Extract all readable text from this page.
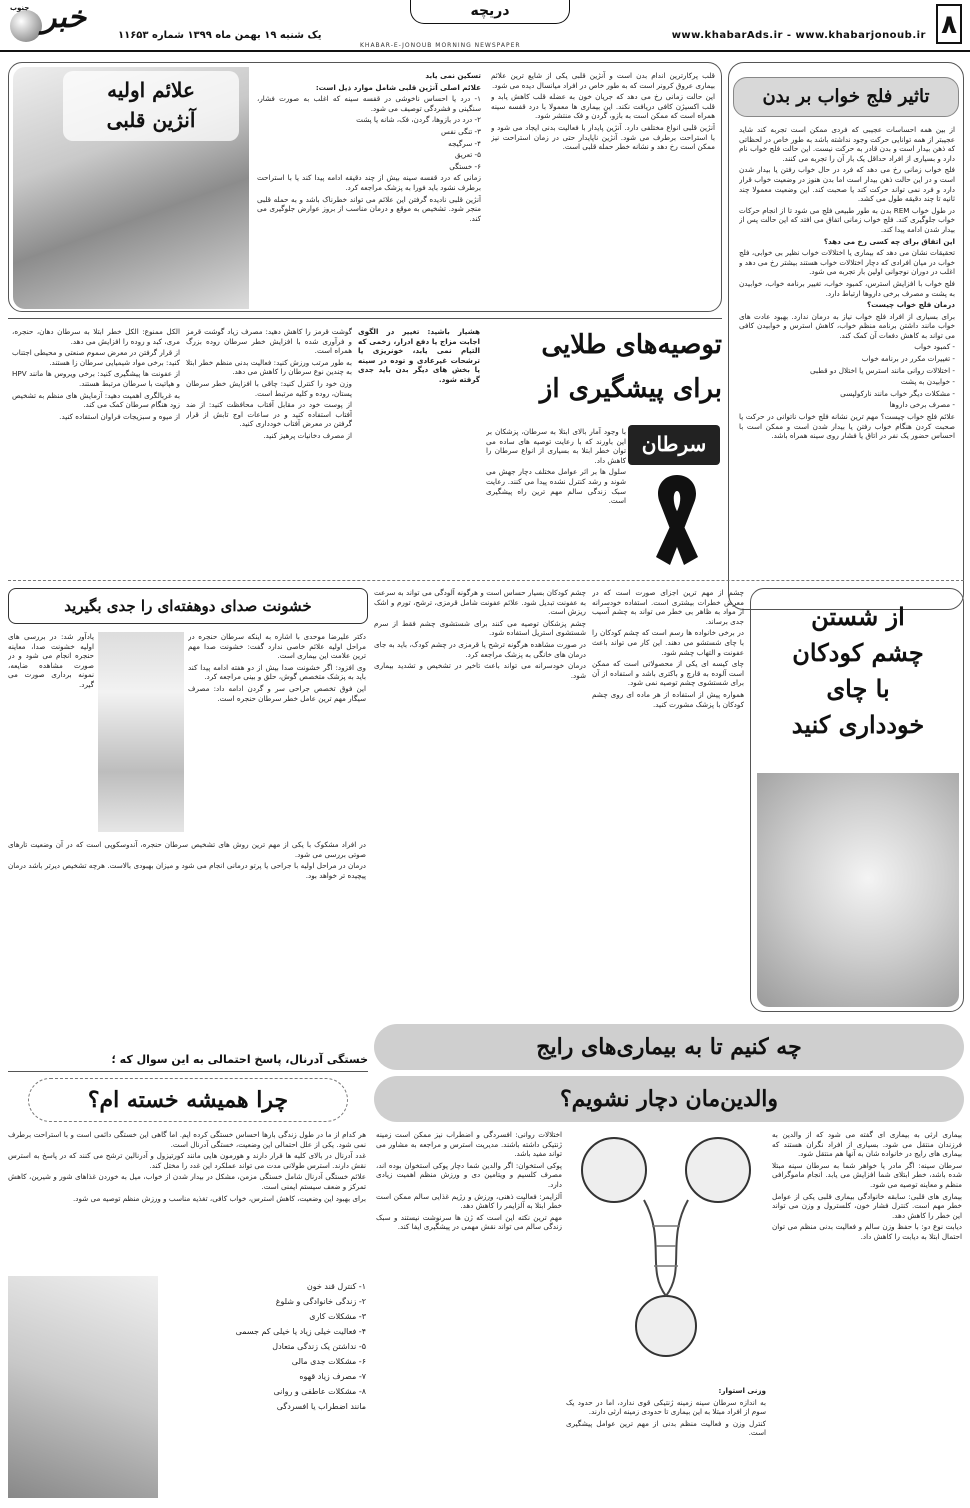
۸
www.khabarAds.ir - www.khabarjonoub.ir
دریچه
یک شنبه ۱۹ بهمن ماه ۱۳۹۹ شماره ۱۱۶۵۳
خبر
جنوب
KHABAR-E-JONOUB MORNING NEWSPAPER
تاثیر فلج خواب بر بدن

از بین همه احساسات عجیبی که فردی ممکن است تجربه کند شاید عجیبتر از همه توانایی حرکت وجود نداشته باشد به طور خاص در لحظاتی که ذهن بیدار است و بدن قادر به حرکت نیست. این حالت فلج خواب نام دارد و بسیاری از افراد حداقل یک بار آن را تجربه می کنند.

فلج خواب زمانی رخ می دهد که فرد در حال خواب رفتن یا بیدار شدن است و در این حالت ذهن بیدار است اما بدن هنوز در وضعیت خواب قرار دارد و فرد نمی تواند حرکت کند یا صحبت کند. این وضعیت معمولا چند ثانیه تا چند دقیقه طول می کشد.

در طول خواب REM بدن به طور طبیعی فلج می شود تا از انجام حرکات خواب جلوگیری کند. فلج خواب زمانی اتفاق می افتد که این حالت پس از بیدار شدن ادامه پیدا کند.

این اتفاق برای چه کسی رخ می دهد؟

تحقیقات نشان می دهد که بیماری یا اختلالات خواب نظیر بی خوابی، فلج خواب در میان افرادی که دچار اختلالات خواب هستند بیشتر رخ می دهد و اغلب در دوران نوجوانی اولین بار تجربه می شود.

فلج خواب با افزایش استرس، کمبود خواب، تغییر برنامه خواب، خوابیدن به پشت و مصرف برخی داروها ارتباط دارد.

درمان فلج خواب چیست؟

برای بسیاری از افراد فلج خواب نیاز به درمان ندارد. بهبود عادت های خواب مانند داشتن برنامه منظم خواب، کاهش استرس و خوابیدن کافی می تواند به کاهش دفعات آن کمک کند.

- کمبود خواب

- تغییرات مکرر در برنامه خواب

- اختلالات روانی مانند استرس یا اختلال دو قطبی

- خوابیدن به پشت

- مشکلات دیگر خواب مانند نارکولپسی

- مصرف برخی داروها

علائم فلج خواب چیست؟ مهم ترین نشانه فلج خواب ناتوانی در حرکت یا صحبت کردن هنگام خواب رفتن یا بیدار شدن است و ممکن است با احساس حضور یک نفر در اتاق یا فشار روی سینه همراه باشد.

علائم اولیه
آنژین قلبی

تسکین نمی یابد

علائم اصلی آنژین قلبی شامل موارد ذیل است:

۱- درد یا احساس ناخوشی در قفسه سینه که اغلب به صورت فشار، سنگینی و فشردگی توصیف می شود.

۲- درد در بازوها، گردن، فک، شانه یا پشت

۳- تنگی نفس

۴- سرگیجه

۵- تعریق

۶- خستگی

زمانی که درد قفسه سینه بیش از چند دقیقه ادامه پیدا کند یا با استراحت برطرف نشود باید فورا به پزشک مراجعه کرد.

آنژین قلبی نادیده گرفتن این علائم می تواند خطرناک باشد و به حمله قلبی منجر شود. تشخیص به موقع و درمان مناسب از بروز عوارض جلوگیری می کند.

قلب پرکارترین اندام بدن است و آنژین قلبی یکی از شایع ترین علائم بیماری عروق کرونر است که به طور خاص در افراد میانسال دیده می شود.

این حالت زمانی رخ می دهد که جریان خون به عضله قلب کاهش یابد و قلب اکسیژن کافی دریافت نکند. این بیماری ها معمولا با درد قفسه سینه همراه است که ممکن است به بازو، گردن و فک منتشر شود.

آنژین قلبی انواع مختلفی دارد. آنژین پایدار با فعالیت بدنی ایجاد می شود و با استراحت برطرف می شود. آنژین ناپایدار حتی در زمان استراحت نیز ممکن است رخ دهد و نشانه خطر حمله قلبی است.

توصیه‌های طلایی
برای پیشگیری از
سرطان

با وجود آمار بالای ابتلا به سرطان، پزشکان بر این باورند که با رعایت توصیه های ساده می توان خطر ابتلا به بسیاری از انواع سرطان را کاهش داد.

سلول ها بر اثر عوامل مختلف دچار جهش می شوند و رشد کنترل نشده پیدا می کنند. رعایت سبک زندگی سالم مهم ترین راه پیشگیری است.

هشیار باشید: تغییر در الگوی اجابت مزاج یا دفع ادرار، زخمی که التیام نمی یابد، خونریزی یا ترشحات غیرعادی و توده در سینه یا بخش های دیگر بدن باید جدی گرفته شود.

گوشت قرمز را کاهش دهید: مصرف زیاد گوشت قرمز و فرآوری شده با افزایش خطر سرطان روده بزرگ همراه است.

به طور مرتب ورزش کنید: فعالیت بدنی منظم خطر ابتلا به چندین نوع سرطان را کاهش می دهد.

وزن خود را کنترل کنید: چاقی با افزایش خطر سرطان پستان، روده و کلیه مرتبط است.

از پوست خود در مقابل آفتاب محافظت کنید: از ضد آفتاب استفاده کنید و در ساعات اوج تابش از قرار گرفتن در معرض آفتاب خودداری کنید.

از مصرف دخانیات پرهیز کنید.

الکل ممنوع: الکل خطر ابتلا به سرطان دهان، حنجره، مری، کبد و روده را افزایش می دهد.

از قرار گرفتن در معرض سموم صنعتی و محیطی اجتناب کنید: برخی مواد شیمیایی سرطان زا هستند.

از عفونت ها پیشگیری کنید: برخی ویروس ها مانند HPV و هپاتیت با سرطان مرتبط هستند.

به غربالگری اهمیت دهید: آزمایش های منظم به تشخیص زود هنگام سرطان کمک می کند.

از میوه و سبزیجات فراوان استفاده کنید.

خشونت صدای دوهفته‌ای را جدی بگیرید

دکتر علیرضا موحدی با اشاره به اینکه سرطان حنجره در مراحل اولیه علائم خاصی ندارد گفت: خشونت صدا مهم ترین علامت این بیماری است.

وی افزود: اگر خشونت صدا بیش از دو هفته ادامه پیدا کند باید به پزشک متخصص گوش، حلق و بینی مراجعه کرد.

این فوق تخصص جراحی سر و گردن ادامه داد: مصرف سیگار مهم ترین عامل خطر سرطان حنجره است.

یادآور شد: در بررسی های اولیه خشونت صدا، معاینه حنجره انجام می شود و در صورت مشاهده ضایعه، نمونه برداری صورت می گیرد.

در افراد مشکوک با یکی از مهم ترین روش های تشخیص سرطان حنجره، آندوسکوپی است که در آن وضعیت تارهای صوتی بررسی می شود.

درمان در مراحل اولیه با جراحی یا پرتو درمانی انجام می شود و میزان بهبودی بالاست. هرچه تشخیص دیرتر باشد درمان پیچیده تر خواهد بود.

چشم کودکان بسیار حساس است و هرگونه آلودگی می تواند به سرعت به عفونت تبدیل شود. علائم عفونت شامل قرمزی، ترشح، تورم و اشک ریزش است.

چشم پزشکان توصیه می کنند برای شستشوی چشم فقط از سرم شستشوی استریل استفاده شود.

در صورت مشاهده هرگونه ترشح یا قرمزی در چشم کودک، باید به جای درمان های خانگی به پزشک مراجعه کرد.

درمان خودسرانه می تواند باعث تاخیر در تشخیص و تشدید بیماری شود.

چشم از مهم ترین اجزای صورت است که در معرض خطرات بیشتری است. استفاده خودسرانه از مواد به ظاهر بی خطر می تواند به چشم آسیب جدی برساند.

در برخی خانواده ها رسم است که چشم کودکان را با چای شستشو می دهند. این کار می تواند باعث عفونت و التهاب چشم شود.

چای کیسه ای یکی از محصولاتی است که ممکن است آلوده به قارچ و باکتری باشد و استفاده از آن برای شستشوی چشم توصیه نمی شود.

همواره پیش از استفاده از هر ماده ای روی چشم کودکان با پزشک مشورت کنید.

از شستن
چشم کودکان
با چای
خودداری کنید
چه کنیم تا به بیماری‌های رایج
والدین‌مان دچار نشویم؟

بیماری ارثی به بیماری ای گفته می شود که از والدین به فرزندان منتقل می شود. بسیاری از افراد نگران هستند که بیماری های رایج در خانواده شان به آنها هم منتقل شود.

سرطان سینه: اگر مادر یا خواهر شما به سرطان سینه مبتلا شده باشد، خطر ابتلای شما افزایش می یابد. انجام ماموگرافی منظم و معاینه توصیه می شود.

بیماری های قلبی: سابقه خانوادگی بیماری قلبی یکی از عوامل خطر مهم است. کنترل فشار خون، کلسترول و وزن می تواند این خطر را کاهش دهد.

دیابت نوع دو: با حفظ وزن سالم و فعالیت بدنی منظم می توان احتمال ابتلا به دیابت را کاهش داد.

اختلالات روانی: افسردگی و اضطراب نیز ممکن است زمینه ژنتیکی داشته باشند. مدیریت استرس و مراجعه به مشاور می تواند مفید باشد.

پوکی استخوان: اگر والدین شما دچار پوکی استخوان بوده اند، مصرف کلسیم و ویتامین دی و ورزش منظم اهمیت زیادی دارد.

آلزایمر: فعالیت ذهنی، ورزش و رژیم غذایی سالم ممکن است خطر ابتلا به آلزایمر را کاهش دهد.

مهم ترین نکته این است که ژن ها سرنوشت نیستند و سبک زندگی سالم می تواند نقش مهمی در پیشگیری ایفا کند.

وزنی استوار:

به اندازه سرطان سینه زمینه ژنتیکی قوی ندارد، اما در حدود یک سوم از افراد مبتلا به این بیماری تا حدودی زمینه ارثی دارند.

کنترل وزن و فعالیت منظم بدنی از مهم ترین عوامل پیشگیری است.

خستگی آدرنال، پاسخ احتمالی به این سوال که ؛
چرا همیشه خسته ام؟

هر کدام از ما در طول زندگی بارها احساس خستگی کرده ایم. اما گاهی این خستگی دائمی است و با استراحت برطرف نمی شود. یکی از علل احتمالی این وضعیت، خستگی آدرنال است.

غدد آدرنال در بالای کلیه ها قرار دارند و هورمون هایی مانند کورتیزول و آدرنالین ترشح می کنند که در پاسخ به استرس نقش دارند. استرس طولانی مدت می تواند عملکرد این غدد را مختل کند.

علائم خستگی آدرنال شامل خستگی مزمن، مشکل در بیدار شدن از خواب، میل به خوردن غذاهای شور و شیرین، کاهش تمرکز و ضعف سیستم ایمنی است.

برای بهبود این وضعیت، کاهش استرس، خواب کافی، تغذیه مناسب و ورزش منظم توصیه می شود.

۱- کنترل قند خون

۲- زندگی خانوادگی و شلوغ

۳- مشکلات کاری

۴- فعالیت خیلی زیاد یا خیلی کم جسمی

۵- نداشتن یک زندگی متعادل

۶- مشکلات جدی مالی

۷- مصرف زیاد قهوه

۸- مشکلات عاطفی و روانی

مانند اضطراب یا افسردگی
